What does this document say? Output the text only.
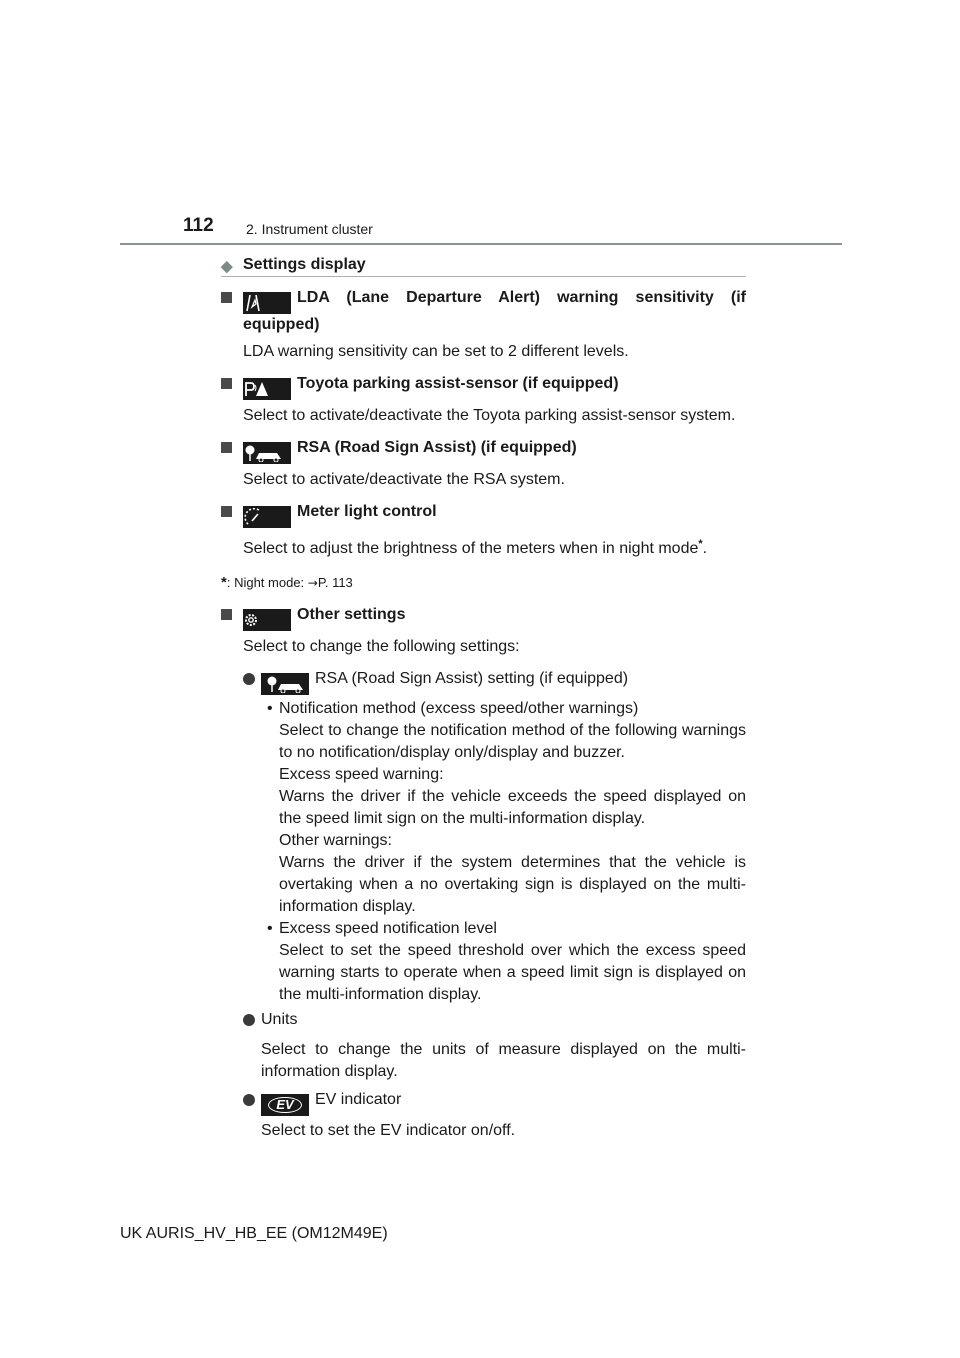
112 2. Instrument cluster
◆ Settings display
LDA (Lane Departure Alert) warning sensitivity (if equipped)
LDA warning sensitivity can be set to 2 different levels.
Toyota parking assist-sensor (if equipped)
Select to activate/deactivate the Toyota parking assist-sensor system.
RSA (Road Sign Assist) (if equipped)
Select to activate/deactivate the RSA system.
Meter light control
Select to adjust the brightness of the meters when in night mode*.
*: Night mode: →P. 113
Other settings
Select to change the following settings:
RSA (Road Sign Assist) setting (if equipped)
• Notification method (excess speed/other warnings)
Select to change the notification method of the following warnings to no notification/display only/display and buzzer.
Excess speed warning:
Warns the driver if the vehicle exceeds the speed displayed on the speed limit sign on the multi-information display.
Other warnings:
Warns the driver if the system determines that the vehicle is overtaking when a no overtaking sign is displayed on the multi-information display.
• Excess speed notification level
Select to set the speed threshold over which the excess speed warning starts to operate when a speed limit sign is displayed on the multi-information display.
Units
Select to change the units of measure displayed on the multi-information display.
EV EV indicator
Select to set the EV indicator on/off.
UK AURIS_HV_HB_EE (OM12M49E)
